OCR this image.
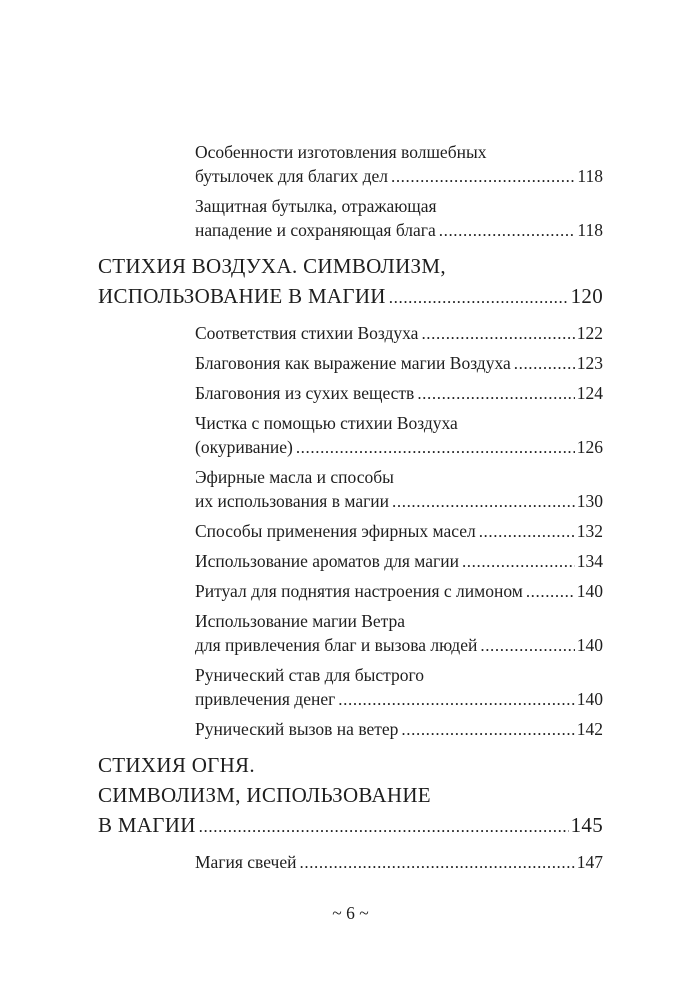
Особенности изготовления волшебных
бутылочек для благих дел .....	118
Защитная бутылка, отражающая
нападение и сохраняющая блага .....	118
СТИХИЯ ВОЗДУХА. СИМВОЛИЗМ,
ИСПОЛЬЗОВАНИЕ В МАГИИ .....	120
Соответствия стихии Воздуха .....	122
Благовония как выражение магии Воздуха .....	123
Благовония из сухих веществ .....	124
Чистка с помощью стихии Воздуха
(окуривание) .....	126
Эфирные масла и способы
их использования в магии .....	130
Способы применения эфирных масел .....	132
Использование ароматов для магии .....	134
Ритуал для поднятия настроения с лимоном .....	140
Использование магии Ветра
для привлечения благ и вызова людей .....	140
Рунический став для быстрого
привлечения денег .....	140
Рунический вызов на ветер .....	142
СТИХИЯ ОГНЯ.
СИМВОЛИЗМ, ИСПОЛЬЗОВАНИЕ
В МАГИИ .....	145
Магия свечей .....	147
~ 6 ~
